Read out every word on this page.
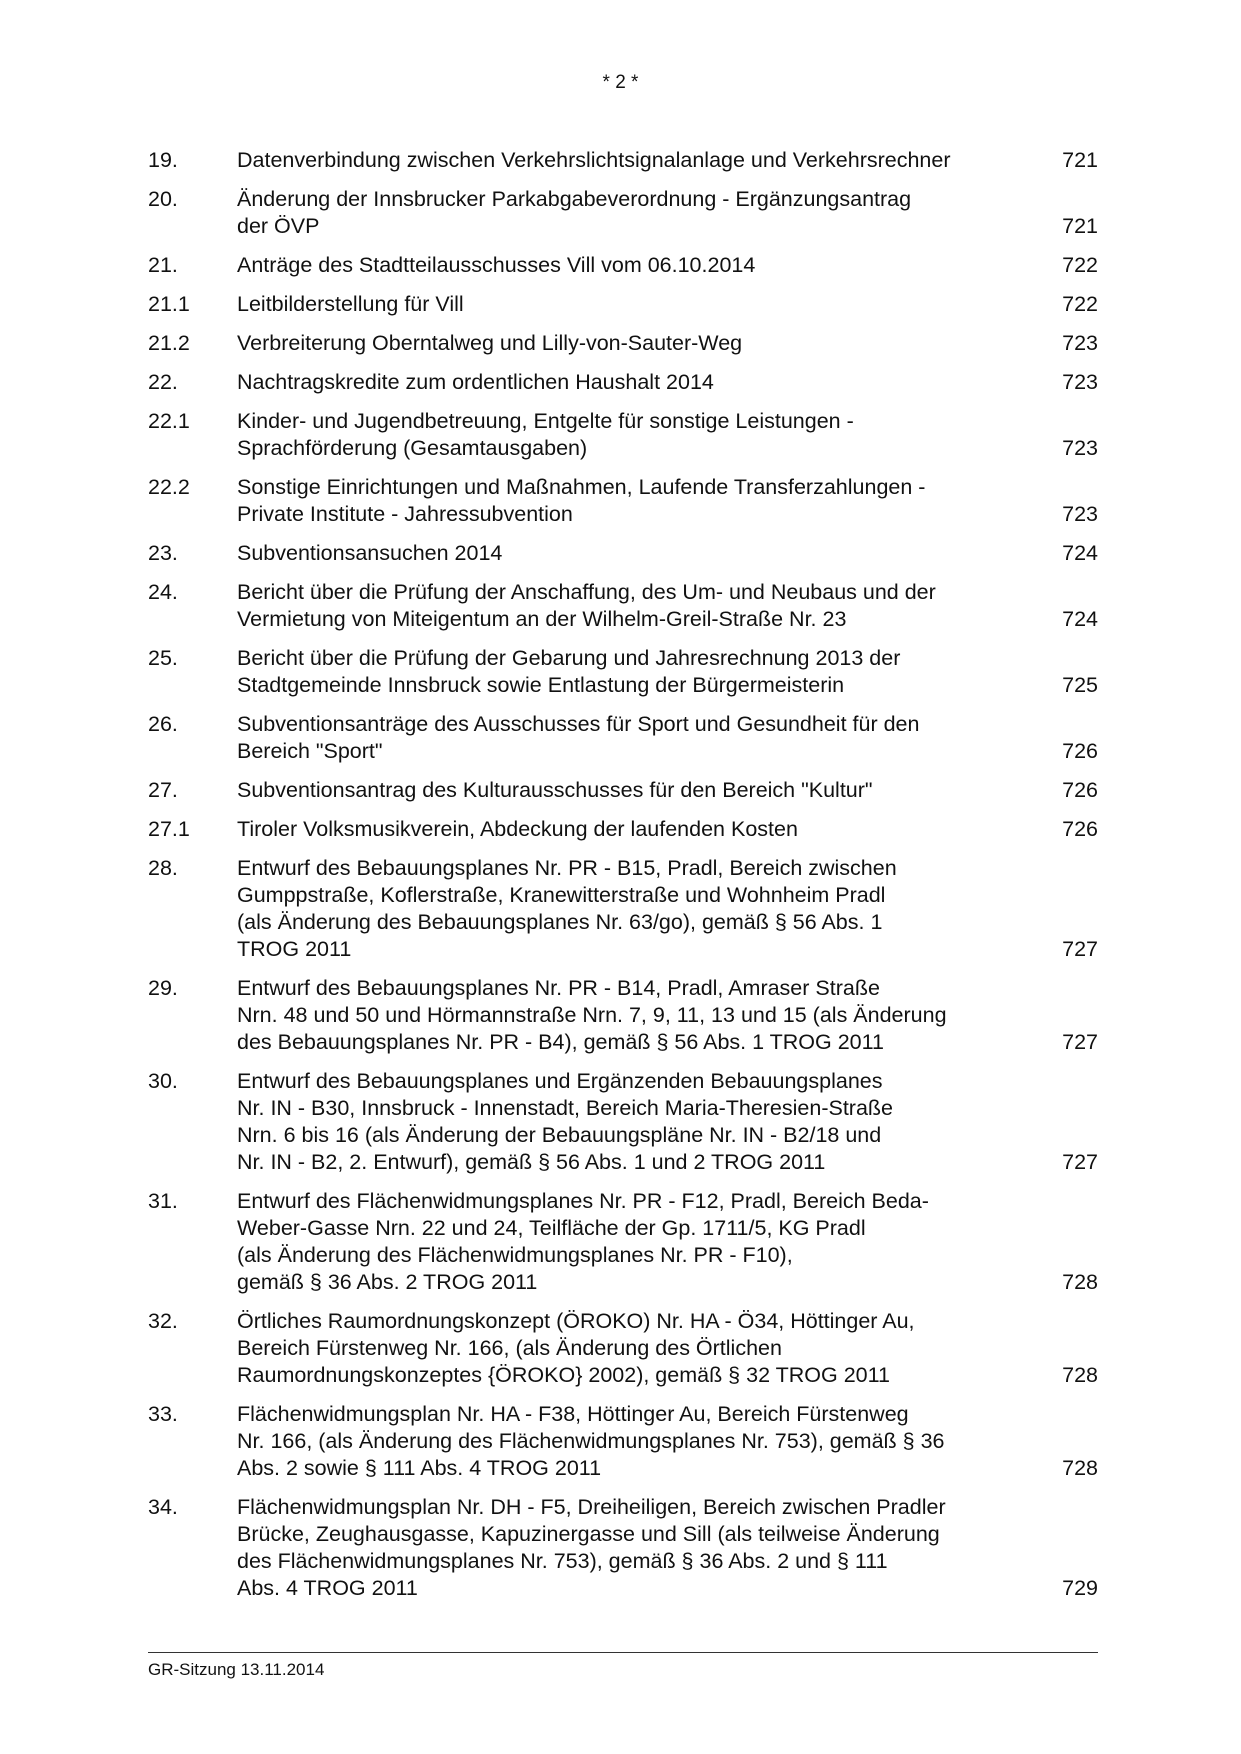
* 2 *
19.	Datenverbindung zwischen Verkehrslichtsignalanlage und Verkehrsrechner	721
20.	Änderung der Innsbrucker Parkabgabeverordnung - Ergänzungsantrag
der ÖVP	721
21.	Anträge des Stadtteilausschusses Vill vom 06.10.2014	722
21.1	Leitbilderstellung für Vill	722
21.2	Verbreiterung Oberntalweg und Lilly-von-Sauter-Weg	723
22.	Nachtragskredite zum ordentlichen Haushalt 2014	723
22.1	Kinder- und Jugendbetreuung, Entgelte für sonstige Leistungen -
Sprachförderung (Gesamtausgaben)	723
22.2	Sonstige Einrichtungen und Maßnahmen, Laufende Transferzahlungen -
Private Institute - Jahressubvention	723
23.	Subventionsansuchen 2014	724
24.	Bericht über die Prüfung der Anschaffung, des Um- und Neubaus und der
Vermietung von Miteigentum an der Wilhelm-Greil-Straße Nr. 23	724
25.	Bericht über die Prüfung der Gebarung und Jahresrechnung 2013 der
Stadtgemeinde Innsbruck sowie Entlastung der Bürgermeisterin	725
26.	Subventionsanträge des Ausschusses für Sport und Gesundheit für den
Bereich "Sport"	726
27.	Subventionsantrag des Kulturausschusses für den Bereich "Kultur"	726
27.1	Tiroler Volksmusikverein, Abdeckung der laufenden Kosten	726
28.	Entwurf des Bebauungsplanes Nr. PR - B15, Pradl, Bereich zwischen
Gumppstraße, Koflerstraße, Kranewitterstraße und Wohnheim Pradl
(als Änderung des Bebauungsplanes Nr. 63/go), gemäß § 56 Abs. 1
TROG 2011	727
29.	Entwurf des Bebauungsplanes Nr. PR - B14, Pradl, Amraser Straße
Nrn. 48 und 50 und Hörmannstraße Nrn. 7, 9, 11, 13 und 15 (als Änderung
des Bebauungsplanes Nr. PR - B4), gemäß § 56 Abs. 1 TROG 2011	727
30.	Entwurf des Bebauungsplanes und Ergänzenden Bebauungsplanes
Nr. IN - B30, Innsbruck - Innenstadt, Bereich Maria-Theresien-Straße
Nrn. 6 bis 16 (als Änderung der Bebauungspläne Nr. IN - B2/18 und
Nr. IN - B2, 2. Entwurf), gemäß § 56 Abs. 1 und 2 TROG 2011	727
31.	Entwurf des Flächenwidmungsplanes Nr. PR - F12, Pradl, Bereich Beda-
Weber-Gasse Nrn. 22 und 24, Teilfläche der Gp. 1711/5, KG Pradl
(als Änderung des Flächenwidmungsplanes Nr. PR - F10),
gemäß § 36 Abs. 2 TROG 2011	728
32.	Örtliches Raumordnungskonzept (ÖROKO) Nr. HA - Ö34, Höttinger Au,
Bereich Fürstenweg Nr. 166, (als Änderung des Örtlichen
Raumordnungskonzeptes {ÖROKO} 2002), gemäß § 32 TROG 2011	728
33.	Flächenwidmungsplan Nr. HA - F38, Höttinger Au, Bereich Fürstenweg
Nr. 166, (als Änderung des Flächenwidmungsplanes Nr. 753), gemäß § 36
Abs. 2 sowie § 111 Abs. 4 TROG 2011	728
34.	Flächenwidmungsplan Nr. DH - F5, Dreiheiligen, Bereich zwischen Pradler
Brücke, Zeughausgasse, Kapuzinergasse und Sill (als teilweise Änderung
des Flächenwidmungsplanes Nr. 753), gemäß § 36 Abs. 2 und § 111
Abs. 4 TROG 2011	729
GR-Sitzung 13.11.2014
